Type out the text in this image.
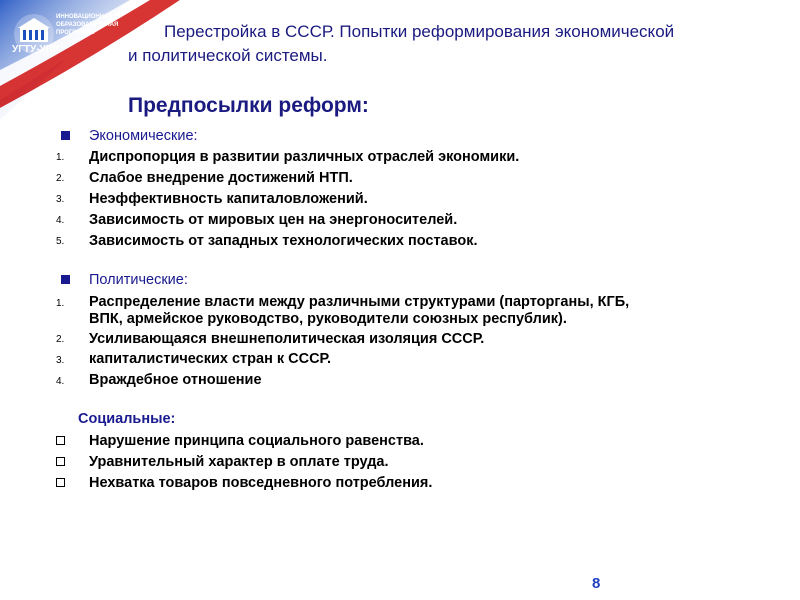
ИННОВАЦИОННАЯ
ОБРАЗОВАТЕЛЬНАЯ
ПРОГРАММА
УГТУ-УПИ
Перестройка в СССР. Попытки реформирования экономической
и политической системы.
Предпосылки реформ:
Экономические:
1. Диспропорция в развитии различных отраслей экономики.
2. Слабое внедрение достижений НТП.
3. Неэффективность капиталовложений.
4. Зависимость от мировых цен на энергоносителей.
5. Зависимость от западных технологических поставок.
Политические:
1. Распределение власти между различными структурами (парторганы, КГБ,
ВПК, армейское руководство, руководители союзных республик).
2. Усиливающаяся внешнеполитическая изоляция СССР.
3. капиталистических стран к СССР.
4. Враждебное отношение
Социальные:
Нарушение принципа социального равенства.
Уравнительный характер в оплате труда.
Нехватка товаров повседневного потребления.
8
